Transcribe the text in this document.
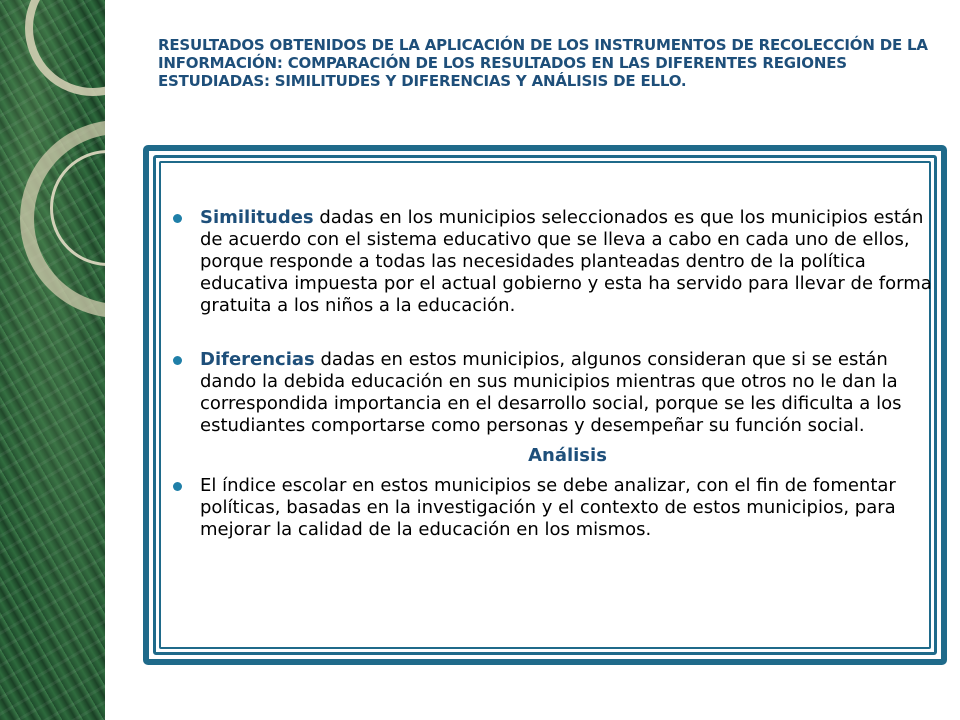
RESULTADOS OBTENIDOS DE LA APLICACIÓN DE LOS INSTRUMENTOS DE RECOLECCIÓN DE LA INFORMACIÓN: COMPARACIÓN DE LOS RESULTADOS EN LAS DIFERENTES REGIONES ESTUDIADAS: SIMILITUDES Y DIFERENCIAS Y ANÁLISIS DE ELLO.

Similitudes dadas en los municipios seleccionados es que los municipios están de acuerdo con el sistema educativo que se lleva a cabo en cada uno de ellos, porque responde a todas las necesidades planteadas dentro de la política educativa impuesta por el actual gobierno y esta ha servido para llevar de forma gratuita a los niños a la educación.

Diferencias dadas en estos municipios, algunos consideran que si se están dando la debida educación en sus municipios mientras que otros no le dan la correspondida importancia en el desarrollo social, porque se les dificulta a los estudiantes comportarse como personas y desempeñar su función social.

Análisis

El índice escolar en estos municipios se debe analizar, con el fin de fomentar políticas, basadas en la investigación y el contexto de estos municipios, para mejorar la calidad de la educación en los mismos.
